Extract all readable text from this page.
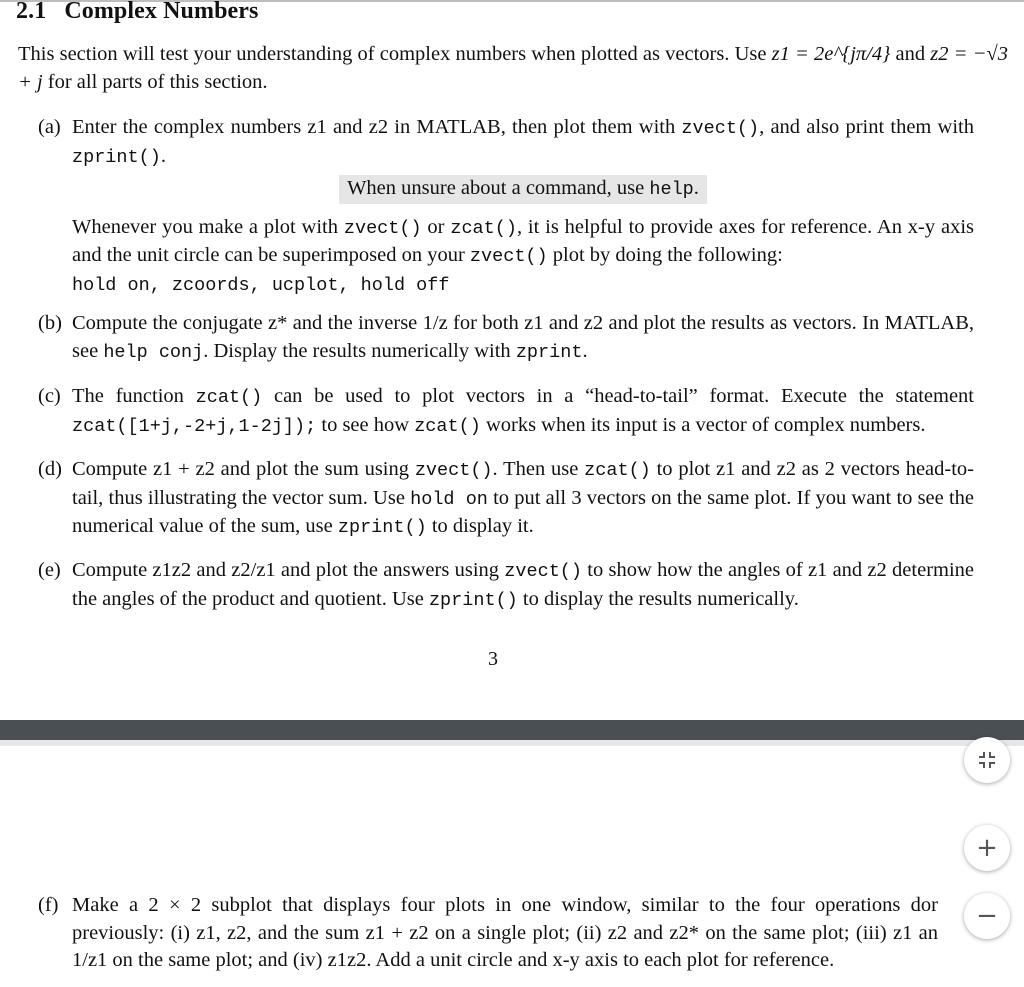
2.1 Complex Numbers
This section will test your understanding of complex numbers when plotted as vectors. Use z1 = 2e^{jπ/4} and z2 = −√3 + j for all parts of this section.
(a) Enter the complex numbers z1 and z2 in MATLAB, then plot them with zvect(), and also print them with zprint().
When unsure about a command, use help.
Whenever you make a plot with zvect() or zcat(), it is helpful to provide axes for reference. An x-y axis and the unit circle can be superimposed on your zvect() plot by doing the following:
hold on, zcoords, ucplot, hold off
(b) Compute the conjugate z* and the inverse 1/z for both z1 and z2 and plot the results as vectors. In MATLAB, see help conj. Display the results numerically with zprint.
(c) The function zcat() can be used to plot vectors in a “head-to-tail” format. Execute the statement zcat([1+j,-2+j,1-2j]); to see how zcat() works when its input is a vector of complex numbers.
(d) Compute z1 + z2 and plot the sum using zvect(). Then use zcat() to plot z1 and z2 as 2 vectors head-to-tail, thus illustrating the vector sum. Use hold on to put all 3 vectors on the same plot. If you want to see the numerical value of the sum, use zprint() to display it.
(e) Compute z1z2 and z2/z1 and plot the answers using zvect() to show how the angles of z1 and z2 determine the angles of the product and quotient. Use zprint() to display the results numerically.
3
(f) Make a 2 × 2 subplot that displays four plots in one window, similar to the four operations dor previously: (i) z1, z2, and the sum z1 + z2 on a single plot; (ii) z2 and z2* on the same plot; (iii) z1 an 1/z1 on the same plot; and (iv) z1z2. Add a unit circle and x-y axis to each plot for reference.
+
−
